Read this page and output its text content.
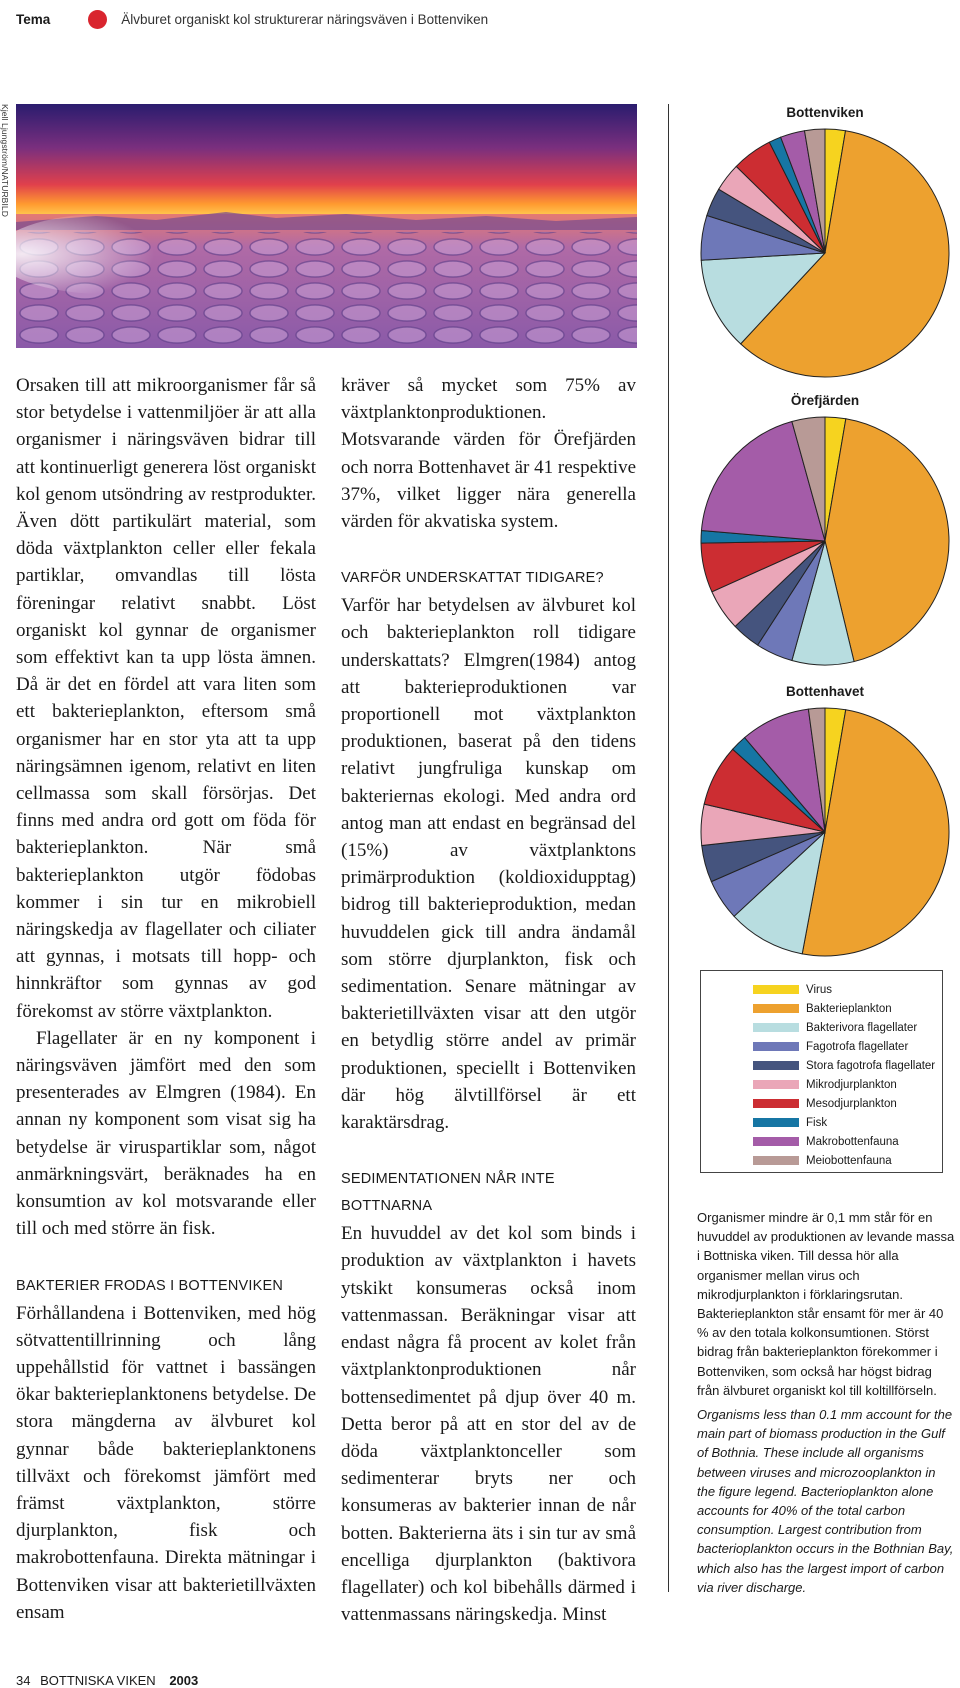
Tema	Älvburet organiskt kol strukturerar näringsväven i Bottenviken
Kjell Ljungström/NATURBILD

Orsaken till att mikroorganismer får så stor betydelse i vattenmiljöer är att alla organismer i näringsväven bidrar till att kontinuerligt generera löst organiskt kol genom utsöndring av restprodukter. Även dött partikulärt material, som döda växtplankton celler eller fekala partiklar, omvandlas till lösta föreningar relativt snabbt. Löst organiskt kol gynnar de organismer som effektivt kan ta upp lösta ämnen. Då är det en fördel att vara liten som ett bakterieplankton, eftersom små organismer har en stor yta att ta upp näringsämnen igenom, relativt en liten cellmassa som skall försörjas. Det finns med andra ord gott om föda för bakterieplankton. När små bakterieplankton utgör födobas kommer i sin tur en mikrobiell näringskedja av flagellater och ciliater att gynnas, i motsats till hopp- och hinnkräftor som gynnas av god förekomst av större växtplankton.

Flagellater är en ny komponent i näringsväven jämfört med den som presenterades av Elmgren (1984). En annan ny komponent som visat sig ha betydelse är viruspartiklar som, något anmärkningsvärt, beräknades ha en konsumtion av kol motsvarande eller till och med större än fisk.

BAKTERIER FRODAS I BOTTENVIKEN

Förhållandena i Bottenviken, med hög sötvattentillrinning och lång uppehållstid för vattnet i bassängen ökar bakterieplanktonens betydelse. De stora mängderna av älvburet kol gynnar både bakterieplanktonens tillväxt och förekomst jämfört med främst växtplankton, större djurplankton, fisk och makrobottenfauna. Direkta mätningar i Bottenviken visar att bakterietillväxten ensam

kräver så mycket som 75% av växtplanktonproduktionen. Motsvarande värden för Örefjärden och norra Bottenhavet är 41 respektive 37%, vilket ligger nära generella värden för akvatiska system.

VARFÖR UNDERSKATTAT TIDIGARE?

Varför har betydelsen av älvburet kol och bakterieplankton roll tidigare underskattats? Elmgren(1984) antog att bakterieproduktionen var proportionell mot växtplankton produktionen, baserat på den tidens relativt jungfruliga kunskap om bakteriernas ekologi. Med andra ord antog man att endast en begränsad del (15%) av växtplanktons primärproduktion (koldioxidupptag) bidrog till bakterieproduktion, medan huvuddelen gick till andra ändamål som större djurplankton, fisk och sedimentation. Senare mätningar av bakterietillväxten visar att den utgör en betydlig större andel av primär produktionen, speciellt i Bottenviken där hög älvtillförsel är ett karaktärsdrag.

SEDIMENTATIONEN NÅR INTE BOTTNARNA

En huvuddel av det kol som binds i produktion av växtplankton i havets ytskikt konsumeras också inom vattenmassan. Beräkningar visar att endast några få procent av kolet från växtplanktonproduktionen når bottensedimentet på djup över 40 m. Detta beror på att en stor del av de döda växtplanktonceller som sedimenterar bryts ner och konsumeras av bakterier innan de når botten. Bakterierna äts i sin tur av små encelliga djurplankton (baktivora flagellater) och kol bibehålls därmed i vattenmassans näringskedja. Minst

Bottenviken
Örefjärden
Bottenhavet
Virus
Bakterieplankton
Bakterivora flagellater
Fagotrofa flagellater
Stora fagotrofa flagellater
Mikrodjurplankton
Mesodjurplankton
Fisk
Makrobottenfauna
Meiobottenfauna
Organismer mindre är 0,1 mm står för en huvuddel av produktionen av levande massa i Bottniska viken. Till dessa hör alla organismer mellan virus och mikrodjurplankton i förklaringsrutan. Bakterieplankton står ensamt för mer är 40 % av den totala kolkonsumtionen. Störst bidrag från bakterieplankton förekommer i Bottenviken, som också har högst bidrag från älvburet organiskt kol till koltillförseln.
Organisms less than 0.1 mm account for the main part of biomass production in the Gulf of Bothnia. These include all organisms between viruses and microzooplankton in the figure legend. Bacterioplankton alone accounts for 40% of the total carbon consumption. Largest contribution from bacterioplankton occurs in the Bothnian Bay, which also has the largest import of carbon via river discharge.
34 BOTTNISKA VIKEN 2003
